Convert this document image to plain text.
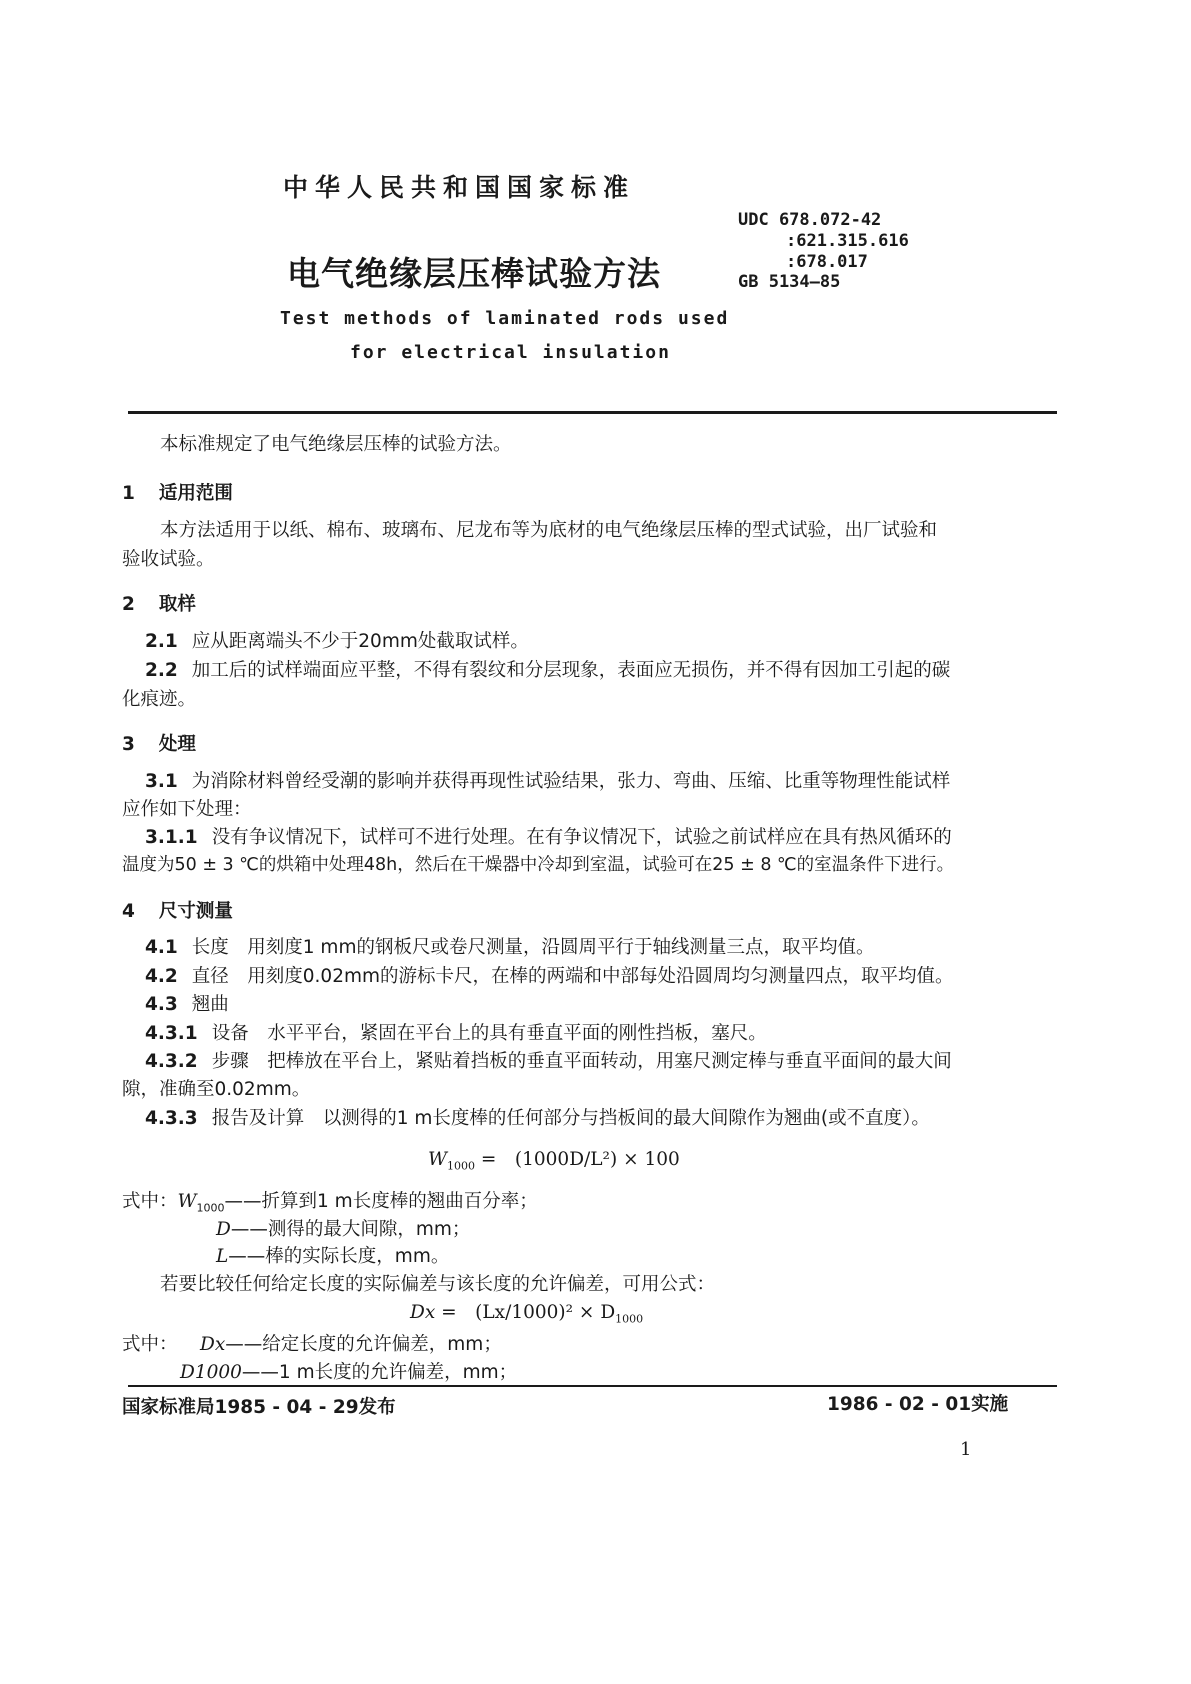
中华人民共和国国家标准
电气绝缘层压棒试验方法
Test methods of laminated rods used
for electrical insulation
UDC 678.072-42
:621.315.616
:678.017
GB 5134—85
本标准规定了电气绝缘层压棒的试验方法。
1 适用范围
本方法适用于以纸、棉布、玻璃布、尼龙布等为底材的电气绝缘层压棒的型式试验，出厂试验和
验收试验。
2 取样
2.1 应从距离端头不少于20mm处截取试样。
2.2 加工后的试样端面应平整，不得有裂纹和分层现象，表面应无损伤，并不得有因加工引起的碳
化痕迹。
3 处理
3.1 为消除材料曾经受潮的影响并获得再现性试验结果，张力、弯曲、压缩、比重等物理性能试样
应作如下处理：
3.1.1 没有争议情况下，试样可不进行处理。在有争议情况下，试验之前试样应在具有热风循环的
温度为50 ± 3 ℃的烘箱中处理48h，然后在干燥器中冷却到室温，试验可在25 ± 8 ℃的室温条件下进行。
4 尺寸测量
4.1 长度　用刻度1 mm的钢板尺或卷尺测量，沿圆周平行于轴线测量三点，取平均值。
4.2 直径　用刻度0.02mm的游标卡尺，在棒的两端和中部每处沿圆周均匀测量四点，取平均值。
4.3 翘曲
4.3.1 设备　水平平台，紧固在平台上的具有垂直平面的刚性挡板，塞尺。
4.3.2 步骤　把棒放在平台上，紧贴着挡板的垂直平面转动，用塞尺测定棒与垂直平面间的最大间
隙，准确至0.02mm。
4.3.3 报告及计算　以测得的1 m长度棒的任何部分与挡板间的最大间隙作为翘曲(或不直度）。
$W_{1000}$ =　(1000D/L²) × 100
式中：$W_{1000}——$折算到1 m长度棒的翘曲百分率；
D——测得的最大间隙，mm；
L——棒的实际长度，mm。
若要比较任何给定长度的实际偏差与该长度的允许偏差，可用公式：
Dx =　$(Lx/1000)^2 \times D_{1000}$
式中： Dx——给定长度的允许偏差，mm；
D1000——1 m长度的允许偏差，mm；
国家标准局1985 - 04 - 29发布	1986 - 02 - 01实施
1
